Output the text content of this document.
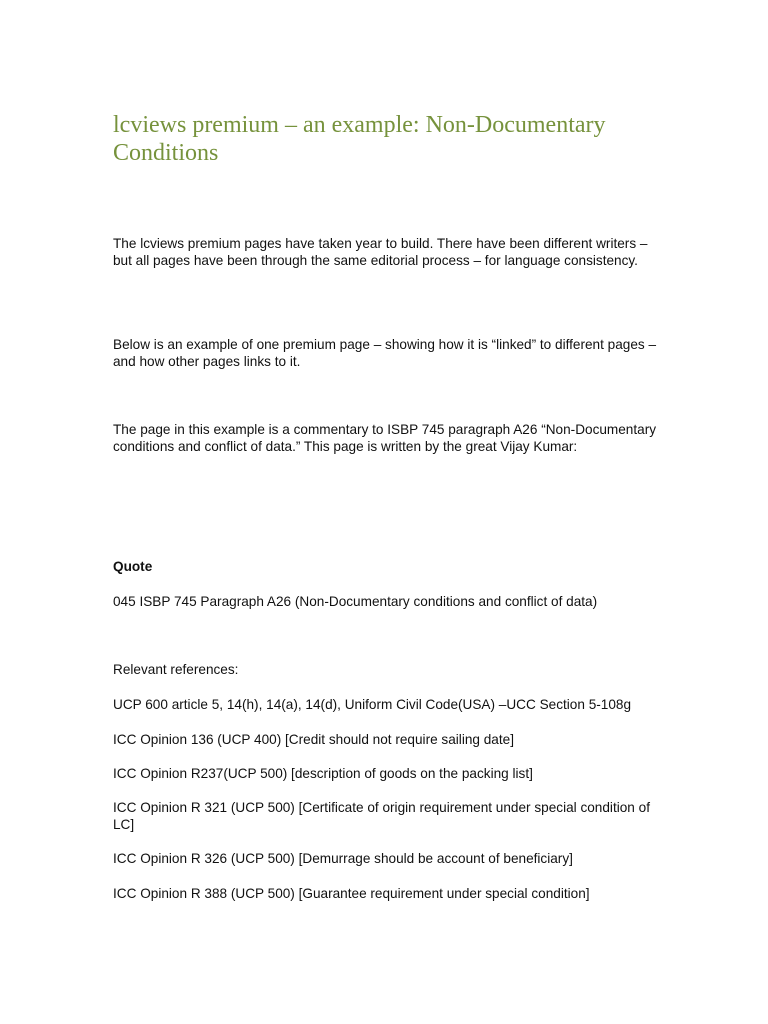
lcviews premium – an example: Non-Documentary Conditions

The lcviews premium pages have taken year to build. There have been different writers – but all pages have been through the same editorial process – for language consistency.

Below is an example of one premium page – showing how it is “linked” to different pages – and how other pages links to it.

The page in this example is a commentary to ISBP 745 paragraph A26 “Non-Documentary conditions and conflict of data.” This page is written by the great Vijay Kumar:

Quote

045 ISBP 745 Paragraph A26 (Non-Documentary conditions and conflict of data)

Relevant references:

UCP 600 article 5, 14(h), 14(a), 14(d), Uniform Civil Code(USA) –UCC Section 5-108g

ICC Opinion 136 (UCP 400) [Credit should not require sailing date]

ICC Opinion R237(UCP 500) [description of goods on the packing list]

ICC Opinion R 321 (UCP 500) [Certificate of origin requirement under special condition of LC]

ICC Opinion R 326 (UCP 500) [Demurrage should be account of beneficiary]

ICC Opinion R 388 (UCP 500) [Guarantee requirement under special condition]
